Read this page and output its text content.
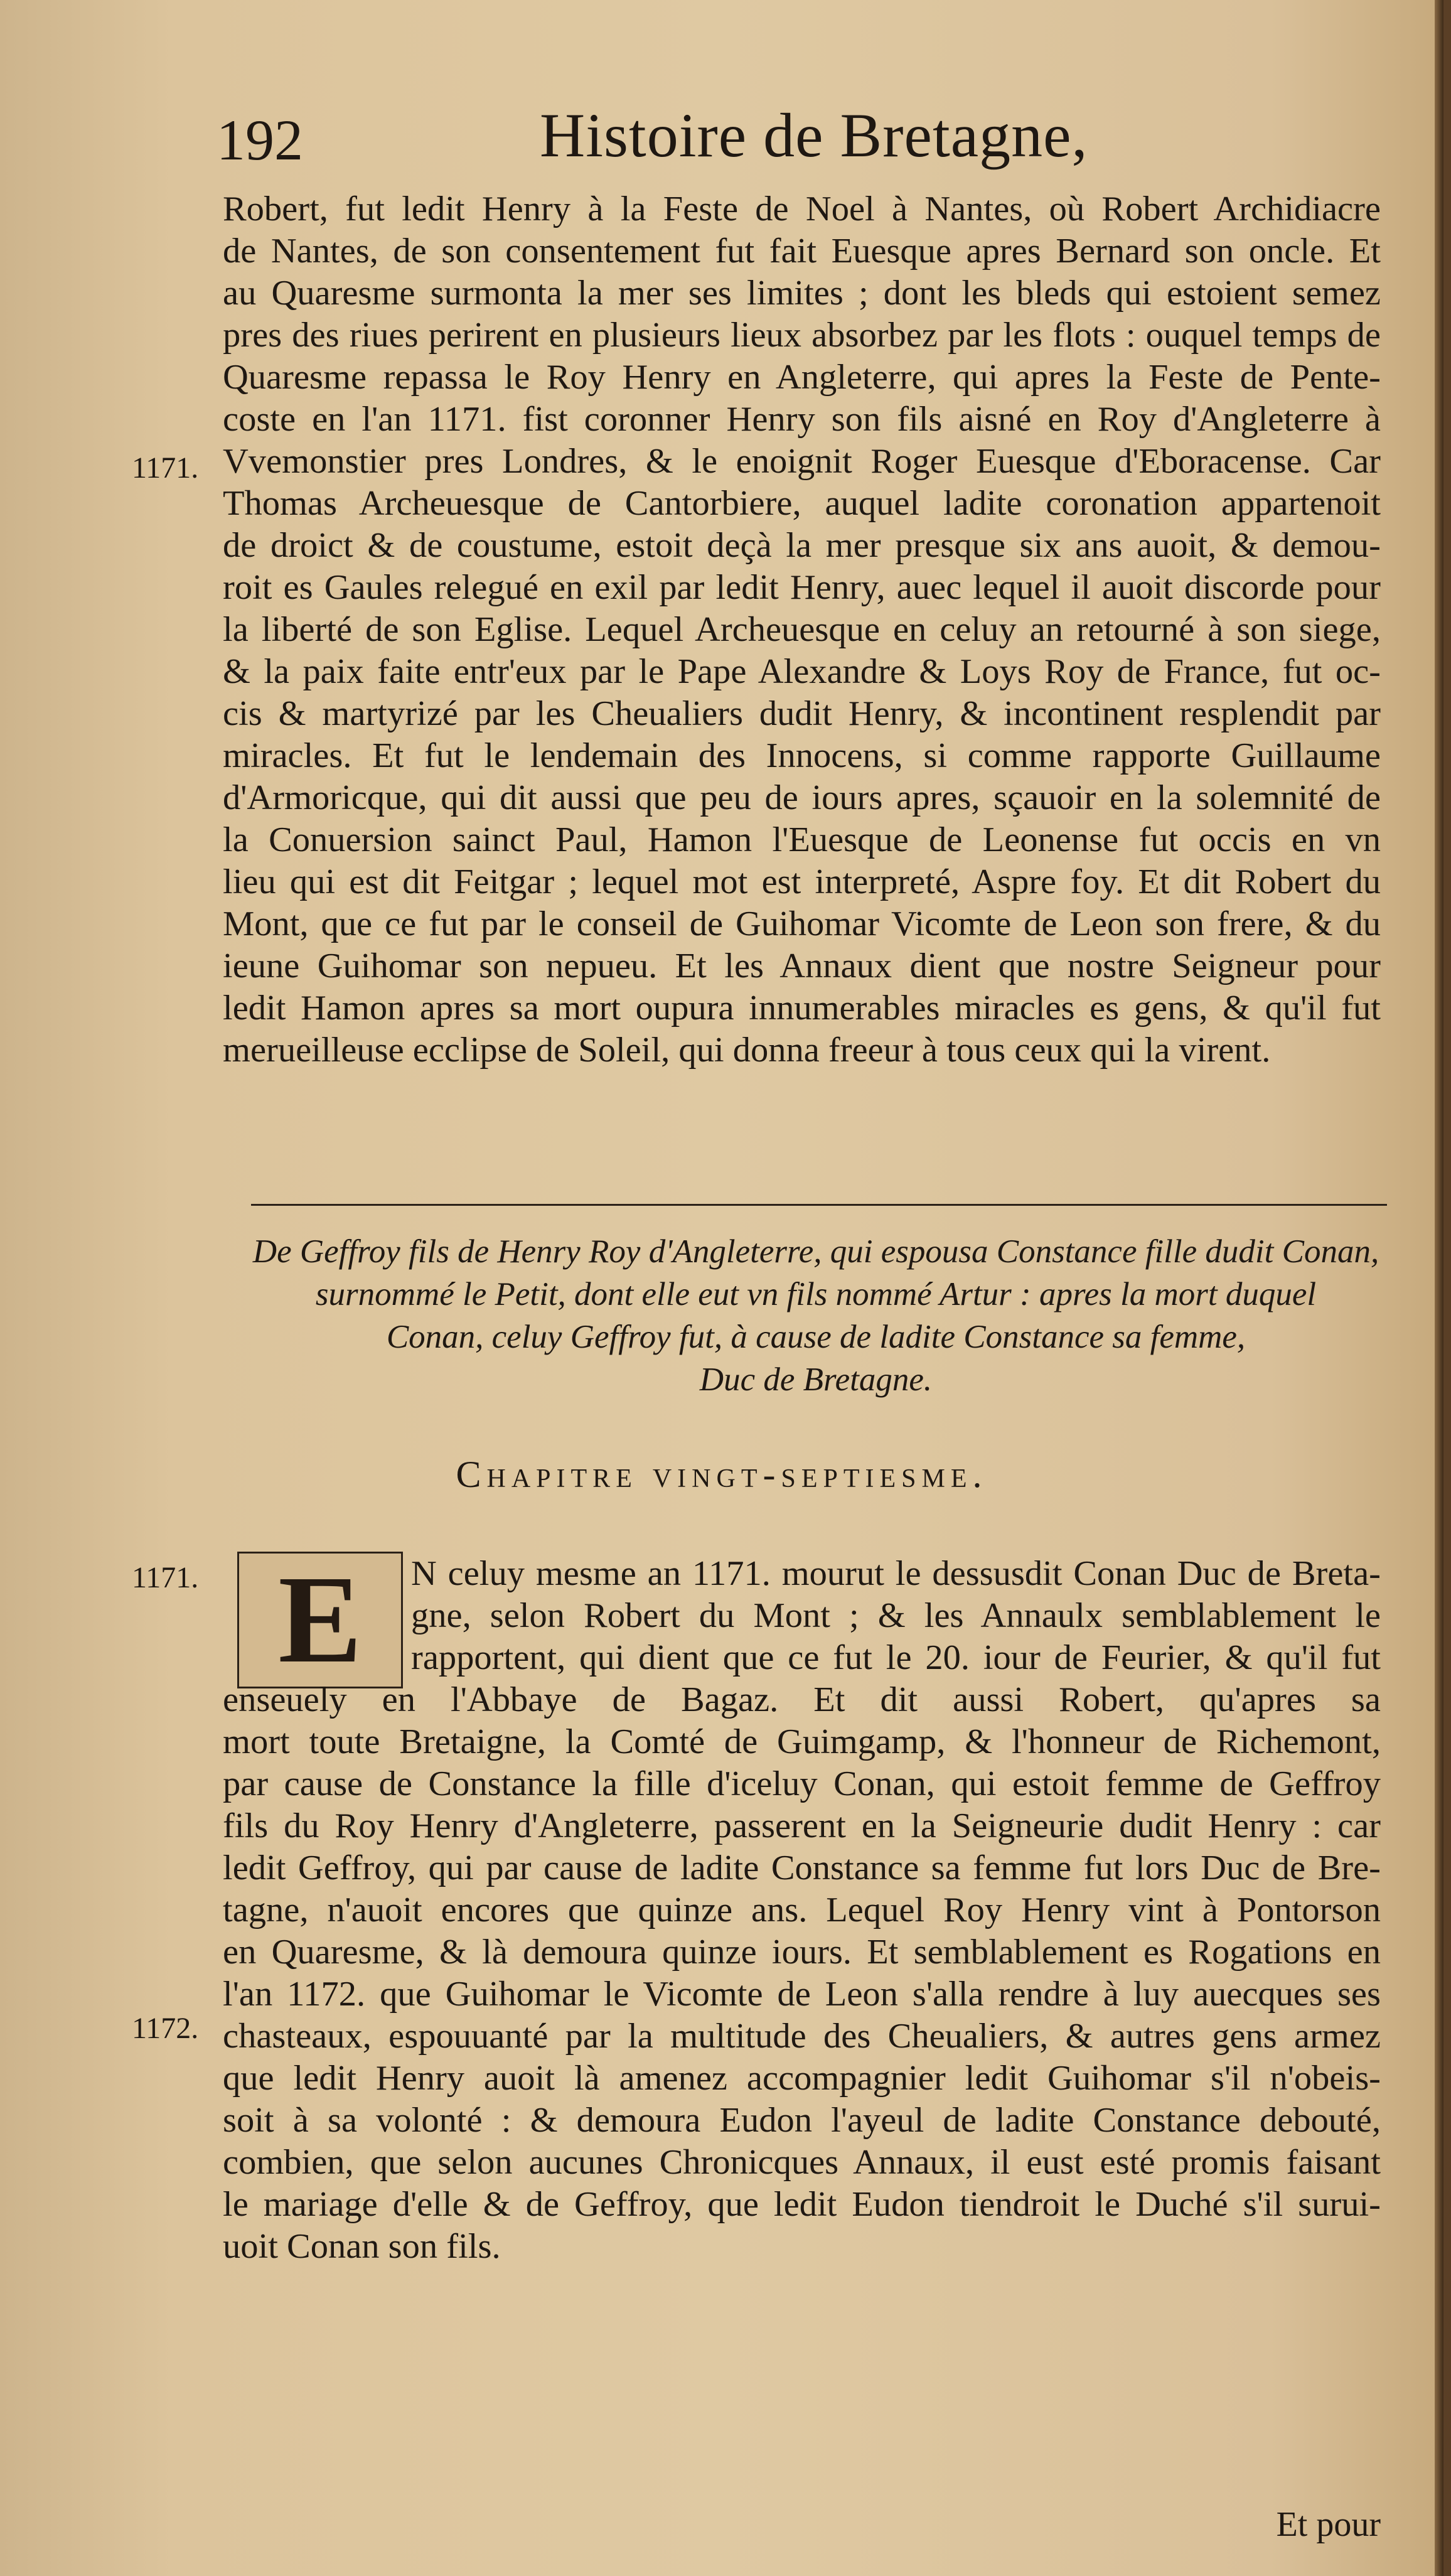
192	Histoire de Bretagne,
1171.
1171.
1172.
Robert, fut ledit Henry à la Feste de Noel à Nantes, où Robert Archidiacre
de Nantes, de son consentement fut fait Euesque apres Bernard son oncle. Et
au Quaresme surmonta la mer ses limites ; dont les bleds qui estoient semez
pres des riues perirent en plusieurs lieux absorbez par les flots : ouquel temps de
Quaresme repassa le Roy Henry en Angleterre, qui apres la Feste de Pente-
coste en l'an 1171. fist coronner Henry son fils aisné en Roy d'Angleterre à
Vvemonstier pres Londres, & le enoignit Roger Euesque d'Eboracense. Car
Thomas Archeuesque de Cantorbiere, auquel ladite coronation appartenoit
de droict & de coustume, estoit deçà la mer presque six ans auoit, & demou-
roit es Gaules relegué en exil par ledit Henry, auec lequel il auoit discorde pour
la liberté de son Eglise. Lequel Archeuesque en celuy an retourné à son siege,
& la paix faite entr'eux par le Pape Alexandre & Loys Roy de France, fut oc-
cis & martyrizé par les Cheualiers dudit Henry, & incontinent resplendit par
miracles. Et fut le lendemain des Innocens, si comme rapporte Guillaume
d'Armoricque, qui dit aussi que peu de iours apres, sçauoir en la solemnité de
la Conuersion sainct Paul, Hamon l'Euesque de Leonense fut occis en vn
lieu qui est dit Feitgar ; lequel mot est interpreté, Aspre foy. Et dit Robert du
Mont, que ce fut par le conseil de Guihomar Vicomte de Leon son frere, & du
ieune Guihomar son nepueu. Et les Annaux dient que nostre Seigneur pour
ledit Hamon apres sa mort oupura innumerables miracles es gens, & qu'il fut
merueilleuse ecclipse de Soleil, qui donna freeur à tous ceux qui la virent.
De Geffroy fils de Henry Roy d'Angleterre, qui espousa Constance fille dudit Conan,
surnommé le Petit, dont elle eut vn fils nommé Artur : apres la mort duquel
Conan, celuy Geffroy fut, à cause de ladite Constance sa femme,
Duc de Bretagne.
Chapitre vingt-septiesme.
E	N celuy mesme an 1171. mourut le dessusdit Conan Duc de Breta-
gne, selon Robert du Mont ; & les Annaulx semblablement le
rapportent, qui dient que ce fut le 20. iour de Feurier, & qu'il fut
enseuely en l'Abbaye de Bagaz. Et dit aussi Robert, qu'apres sa
mort toute Bretaigne, la Comté de Guimgamp, & l'honneur de Richemont,
par cause de Constance la fille d'iceluy Conan, qui estoit femme de Geffroy
fils du Roy Henry d'Angleterre, passerent en la Seigneurie dudit Henry : car
ledit Geffroy, qui par cause de ladite Constance sa femme fut lors Duc de Bre-
tagne, n'auoit encores que quinze ans. Lequel Roy Henry vint à Pontorson
en Quaresme, & là demoura quinze iours. Et semblablement es Rogations en
l'an 1172. que Guihomar le Vicomte de Leon s'alla rendre à luy auecques ses
chasteaux, espouuanté par la multitude des Cheualiers, & autres gens armez
que ledit Henry auoit là amenez accompagnier ledit Guihomar s'il n'obeis-
soit à sa volonté : & demoura Eudon l'ayeul de ladite Constance debouté,
combien, que selon aucunes Chronicques Annaux, il eust esté promis faisant
le mariage d'elle & de Geffroy, que ledit Eudon tiendroit le Duché s'il surui-
uoit Conan son fils.
Et pour
